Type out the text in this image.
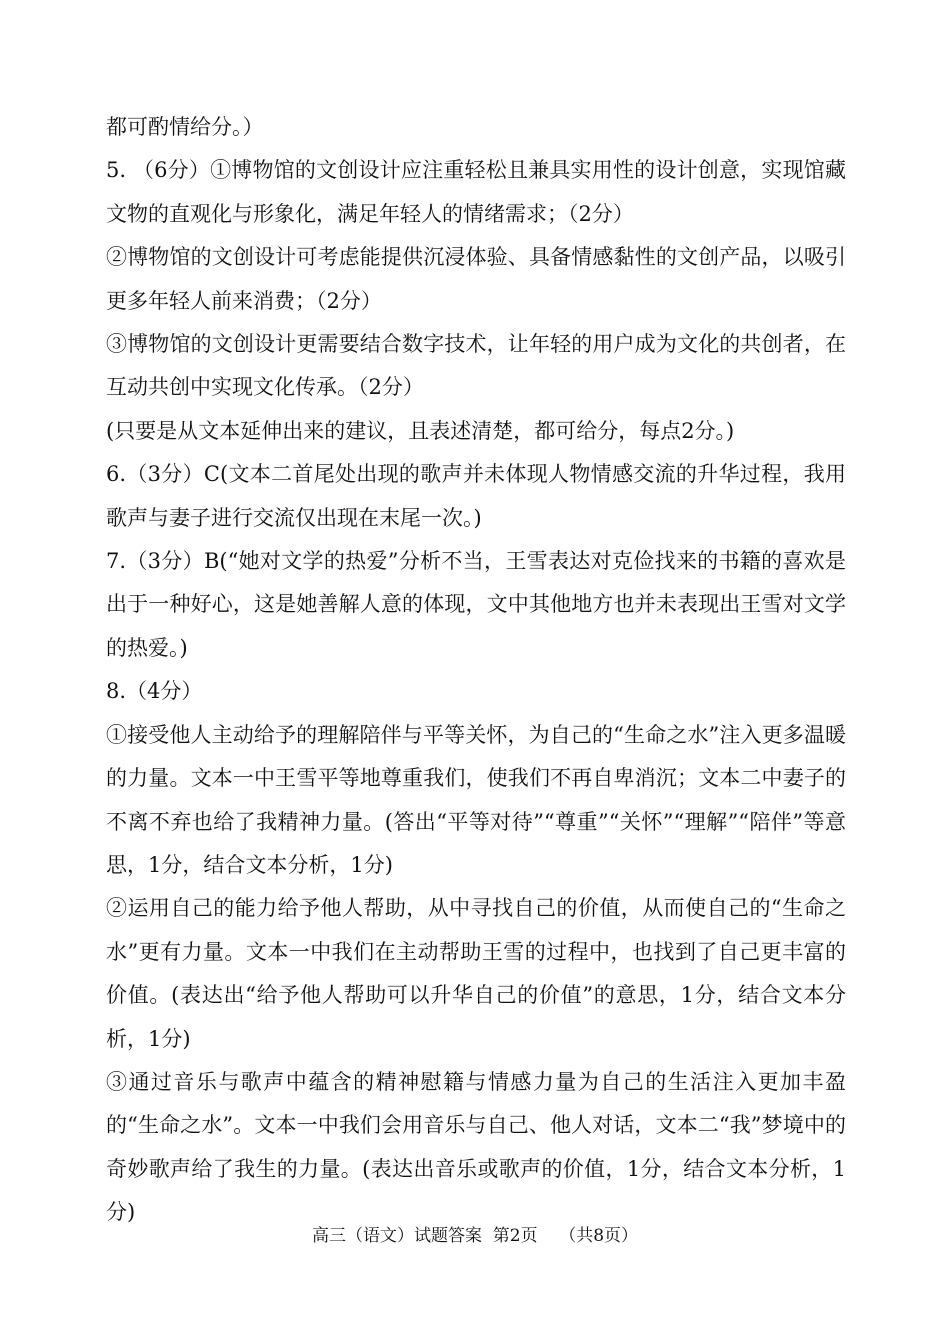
都可酌情给分。）

5. （6分）①博物馆的文创设计应注重轻松且兼具实用性的设计创意，实现馆藏文物的直观化与形象化，满足年轻人的情绪需求；（2分）

②博物馆的文创设计可考虑能提供沉浸体验、具备情感黏性的文创产品，以吸引更多年轻人前来消费；（2分）

③博物馆的文创设计更需要结合数字技术，让年轻的用户成为文化的共创者，在互动共创中实现文化传承。（2分）

(只要是从文本延伸出来的建议，且表述清楚，都可给分，每点2分。)

6.（3分）C(文本二首尾处出现的歌声并未体现人物情感交流的升华过程，我用歌声与妻子进行交流仅出现在末尾一次。)

7.（3分）B(“她对文学的热爱”分析不当，王雪表达对克俭找来的书籍的喜欢是出于一种好心，这是她善解人意的体现，文中其他地方也并未表现出王雪对文学的热爱。)

8.（4分）

①接受他人主动给予的理解陪伴与平等关怀，为自己的“生命之水”注入更多温暖的力量。文本一中王雪平等地尊重我们，使我们不再自卑消沉；文本二中妻子的不离不弃也给了我精神力量。(答出“平等对待”“尊重”“关怀”“理解”“陪伴”等意思，1分，结合文本分析，1分)

②运用自己的能力给予他人帮助，从中寻找自己的价值，从而使自己的“生命之水”更有力量。文本一中我们在主动帮助王雪的过程中，也找到了自己更丰富的价值。(表达出“给予他人帮助可以升华自己的价值”的意思，1分，结合文本分析，1分)

③通过音乐与歌声中蕴含的精神慰籍与情感力量为自己的生活注入更加丰盈的“生命之水”。文本一中我们会用音乐与自己、他人对话，文本二“我”梦境中的奇妙歌声给了我生的力量。(表达出音乐或歌声的价值，1分，结合文本分析，1分)

高三（语文）试题答案  第2页    （共8页）
